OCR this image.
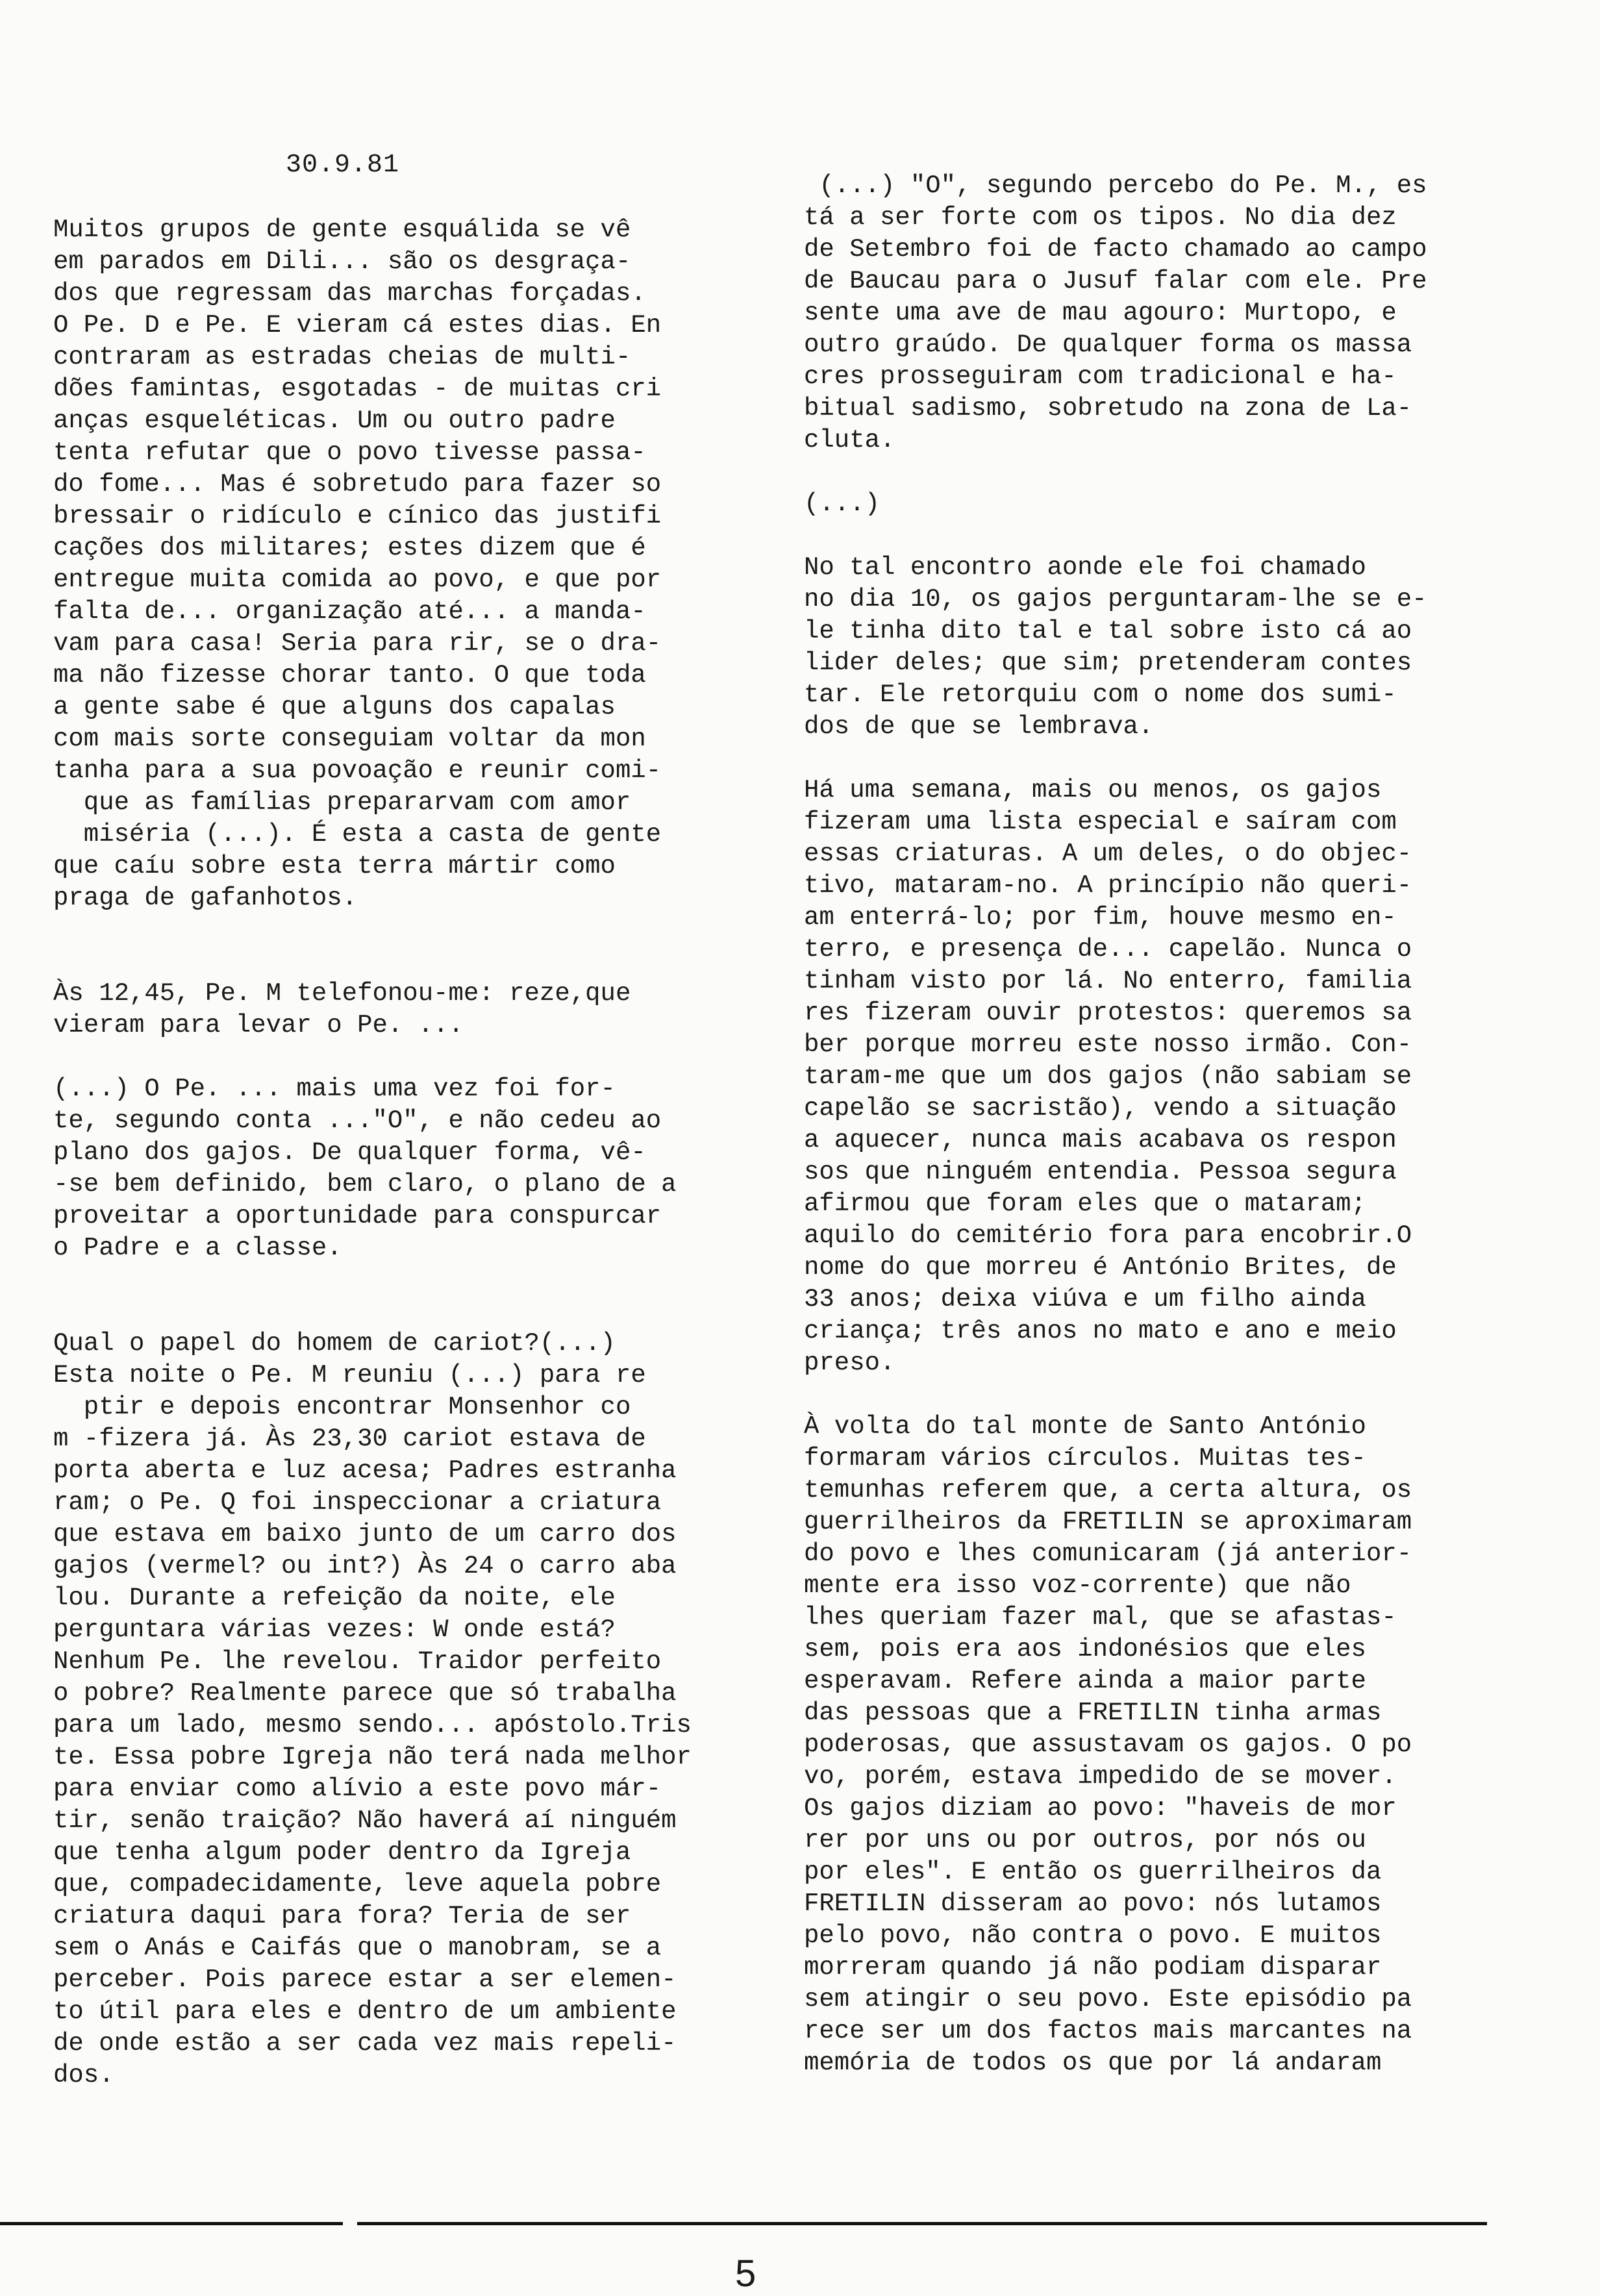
30.9.81
Muitos grupos de gente esquálida se vê
em parados em Dili... são os desgraça-
dos que regressam das marchas forçadas.
O Pe. D e Pe. E vieram cá estes dias. En
contraram as estradas cheias de multi-
dões famintas, esgotadas - de muitas cri
anças esqueléticas. Um ou outro padre
tenta refutar que o povo tivesse passa-
do fome... Mas é sobretudo para fazer so
bressair o ridículo e cínico das justifi
cações dos militares; estes dizem que é
entregue muita comida ao povo, e que por
falta de... organização até... a manda-
vam para casa! Seria para rir, se o dra-
ma não fizesse chorar tanto. O que toda
a gente sabe é que alguns dos capalas
com mais sorte conseguiam voltar da mon
tanha para a sua povoação e reunir comi-
que as famílias prepararvam com amor
miséria (...). É esta a casta de gente
que caíu sobre esta terra mártir como
praga de gafanhotos.
Às 12,45, Pe. M telefonou-me: reze,que
vieram para levar o Pe. ...
(...) O Pe. ... mais uma vez foi for-
te, segundo conta ..."O", e não cedeu ao
plano dos gajos. De qualquer forma, vê-
-se bem definido, bem claro, o plano de a
proveitar a oportunidade para conspurcar
o Padre e a classe.
Qual o papel do homem de cariot?(...)
Esta noite o Pe. M reuniu (...) para re
ptir e depois encontrar Monsenhor co
m -fizera já. Às 23,30 cariot estava de
porta aberta e luz acesa; Padres estranha
ram; o Pe. Q foi inspeccionar a criatura
que estava em baixo junto de um carro dos
gajos (vermel? ou int?) Às 24 o carro aba
lou. Durante a refeição da noite, ele
perguntara várias vezes: W onde está?
Nenhum Pe. lhe revelou. Traidor perfeito
o pobre? Realmente parece que só trabalha
para um lado, mesmo sendo... apóstolo.Tris
te. Essa pobre Igreja não terá nada melhor
para enviar como alívio a este povo már-
tir, senão traição? Não haverá aí ninguém
que tenha algum poder dentro da Igreja
que, compadecidamente, leve aquela pobre
criatura daqui para fora? Teria de ser
sem o Anás e Caifás que o manobram, se a
perceber. Pois parece estar a ser elemen-
to útil para eles e dentro de um ambiente
de onde estão a ser cada vez mais repeli-
dos.
(...) "O", segundo percebo do Pe. M., es
tá a ser forte com os tipos. No dia dez
de Setembro foi de facto chamado ao campo
de Baucau para o Jusuf falar com ele. Pre
sente uma ave de mau agouro: Murtopo, e
outro graúdo. De qualquer forma os massa
cres prosseguiram com tradicional e ha-
bitual sadismo, sobretudo na zona de La-
cluta.
(...)
No tal encontro aonde ele foi chamado
no dia 10, os gajos perguntaram-lhe se e-
le tinha dito tal e tal sobre isto cá ao
lider deles; que sim; pretenderam contes
tar. Ele retorquiu com o nome dos sumi-
dos de que se lembrava.
Há uma semana, mais ou menos, os gajos
fizeram uma lista especial e saíram com
essas criaturas. A um deles, o do objec-
tivo, mataram-no. A princípio não queri-
am enterrá-lo; por fim, houve mesmo en-
terro, e presença de... capelão. Nunca o
tinham visto por lá. No enterro, familia
res fizeram ouvir protestos: queremos sa
ber porque morreu este nosso irmão. Con-
taram-me que um dos gajos (não sabiam se
capelão se sacristão), vendo a situação
a aquecer, nunca mais acabava os respon
sos que ninguém entendia. Pessoa segura
afirmou que foram eles que o mataram;
aquilo do cemitério fora para encobrir.O
nome do que morreu é António Brites, de
33 anos; deixa viúva e um filho ainda
criança; três anos no mato e ano e meio
preso.
À volta do tal monte de Santo António
formaram vários círculos. Muitas tes-
temunhas referem que, a certa altura, os
guerrilheiros da FRETILIN se aproximaram
do povo e lhes comunicaram (já anterior-
mente era isso voz-corrente) que não
lhes queriam fazer mal, que se afastas-
sem, pois era aos indonésios que eles
esperavam. Refere ainda a maior parte
das pessoas que a FRETILIN tinha armas
poderosas, que assustavam os gajos. O po
vo, porém, estava impedido de se mover.
Os gajos diziam ao povo: "haveis de mor
rer por uns ou por outros, por nós ou
por eles". E então os guerrilheiros da
FRETILIN disseram ao povo: nós lutamos
pelo povo, não contra o povo. E muitos
morreram quando já não podiam disparar
sem atingir o seu povo. Este episódio pa
rece ser um dos factos mais marcantes na
memória de todos os que por lá andaram
5
